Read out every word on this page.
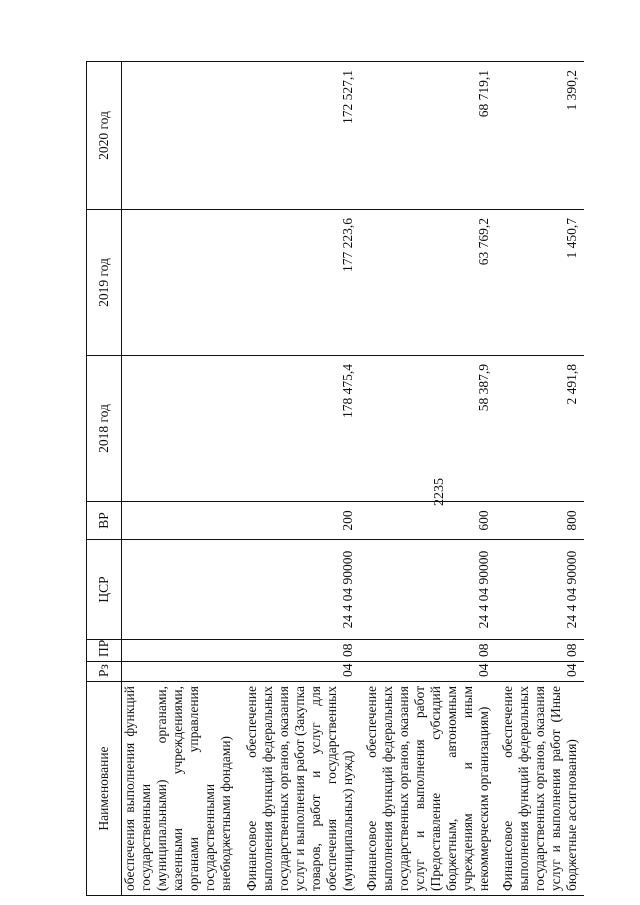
2235
Наименование	Рз	ПР	ЦСР	ВР	2018 год	2019 год	2020 год
обеспечения выполнения функций государственными (муниципальными) органами, казенными учреждениями, органами управления государственными внебюджетными фондами)							
Финансовое обеспечение выполнения функций федеральных государственных органов, оказания услуг и выполнения работ (Закупка товаров, работ и услуг для обеспечения государственных (муниципальных) нужд)	04	08	24 4 04 90000	200	178 475,4	177 223,6	172 527,1
Финансовое обеспечение выполнения функций федеральных государственных органов, оказания услуг и выполнения работ (Предоставление субсидий бюджетным, автономным учреждениям и иным некоммерческим организациям)	04	08	24 4 04 90000	600	58 387,9	63 769,2	68 719,1
Финансовое обеспечение выполнения функций федеральных государственных органов, оказания услуг и выполнения работ (Иные бюджетные ассигнования)	04	08	24 4 04 90000	800	2 491,8	1 450,7	1 390,2
